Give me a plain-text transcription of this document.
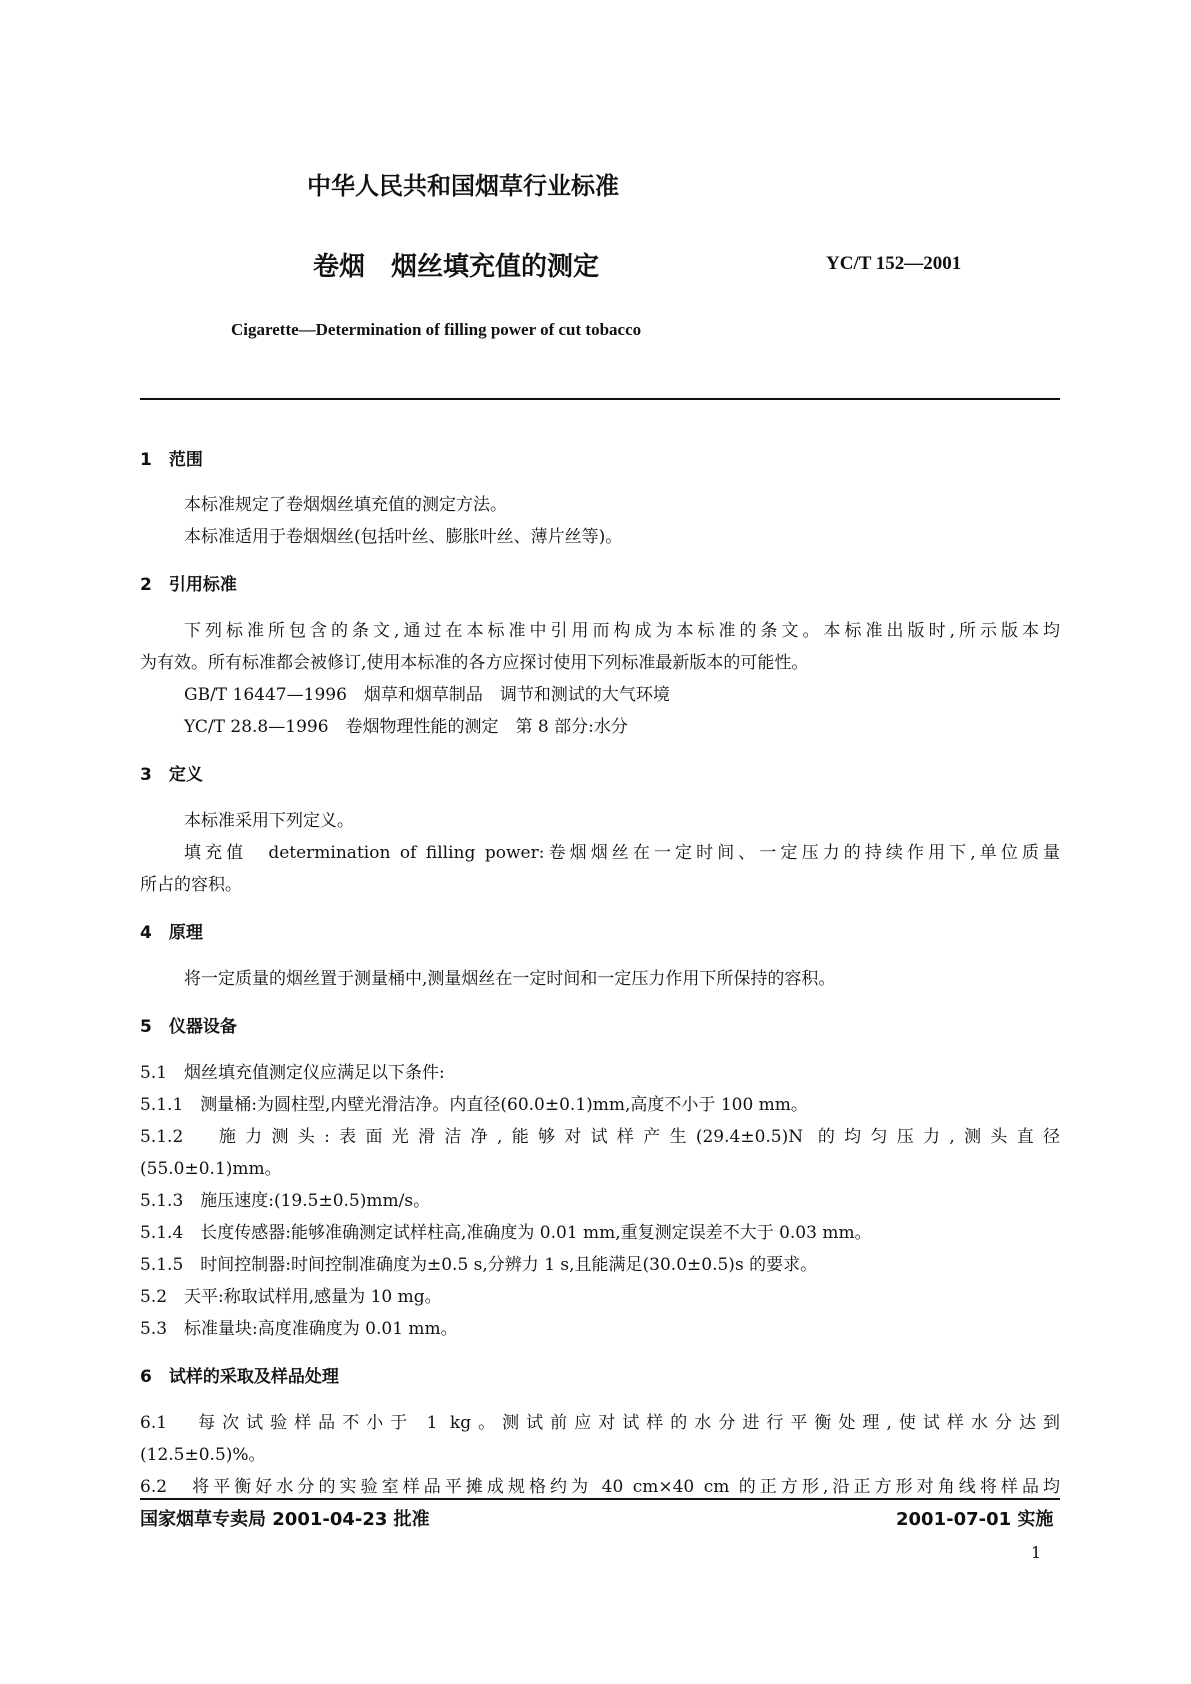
中华人民共和国烟草行业标准
卷烟　烟丝填充值的测定	YC/T 152—2001
Cigarette—Determination of filling power of cut tobacco
1　范围
本标准规定了卷烟烟丝填充值的测定方法。
本标准适用于卷烟烟丝(包括叶丝、膨胀叶丝、薄片丝等)。
2　引用标准
下列标准所包含的条文,通过在本标准中引用而构成为本标准的条文。本标准出版时,所示版本均
为有效。所有标准都会被修订,使用本标准的各方应探讨使用下列标准最新版本的可能性。
GB/T 16447—1996　烟草和烟草制品　调节和测试的大气环境
YC/T 28.8—1996　卷烟物理性能的测定　第 8 部分:水分
3　定义
本标准采用下列定义。
填充值　determination of filling power:卷烟烟丝在一定时间、一定压力的持续作用下,单位质量
所占的容积。
4　原理
将一定质量的烟丝置于测量桶中,测量烟丝在一定时间和一定压力作用下所保持的容积。
5　仪器设备
5.1　烟丝填充值测定仪应满足以下条件:
5.1.1　测量桶:为圆柱型,内壁光滑洁净。内直径(60.0±0.1)mm,高度不小于 100 mm。
5.1.2　施力测头:表面光滑洁净,能够对试样产生(29.4±0.5)N 的均匀压力,测头直径
(55.0±0.1)mm。
5.1.3　施压速度:(19.5±0.5)mm/s。
5.1.4　长度传感器:能够准确测定试样柱高,准确度为 0.01 mm,重复测定误差不大于 0.03 mm。
5.1.5　时间控制器:时间控制准确度为±0.5 s,分辨力 1 s,且能满足(30.0±0.5)s 的要求。
5.2　天平:称取试样用,感量为 10 mg。
5.3　标准量块:高度准确度为 0.01 mm。
6　试样的采取及样品处理
6.1　每次试验样品不小于 1 kg。测试前应对试样的水分进行平衡处理,使试样水分达到
(12.5±0.5)%。
6.2　将平衡好水分的实验室样品平摊成规格约为 40 cm×40 cm 的正方形,沿正方形对角线将样品均
国家烟草专卖局 2001-04-23 批准	2001-07-01 实施
1
